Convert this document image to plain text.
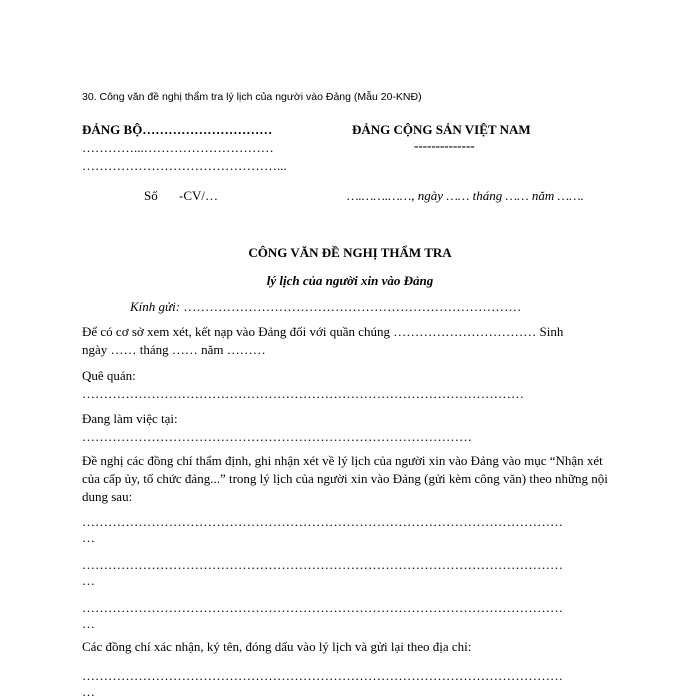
30. Công văn đề nghị thẩm tra lý lịch của người vào Đảng (Mẫu 20-KNĐ)
ĐẢNG BỘ…………………………
…………...…………………………
………………………………………...
ĐẢNG CỘNG SẢN VIỆT NAM
--------------
Số -CV/…	….…….……, ngày …… tháng …… năm …….
CÔNG VĂN ĐỀ NGHỊ THẨM TRA
lý lịch của người xin vào Đảng
Kính gửi: ……………………………………………………………………
Để có cơ sở xem xét, kết nạp vào Đảng đối với quần chúng …………………………… Sinh
ngày …… tháng …… năm ………
Quê quán:
…………………………………………………………………………………………
Đang làm việc tại:
………………………………………………………………………………
Đề nghị các đồng chí thẩm định, ghi nhận xét về lý lịch của người xin vào Đảng vào mục “Nhận xét của cấp ủy, tổ chức đảng...” trong lý lịch của người xin vào Đảng (gửi kèm công văn) theo những nội dung sau:
…………………………………………………………………………………………………
…
…………………………………………………………………………………………………
…
…………………………………………………………………………………………………
…
Các đồng chí xác nhận, ký tên, đóng dấu vào lý lịch và gửi lại theo địa chỉ:
…………………………………………………………………………………………………
…
